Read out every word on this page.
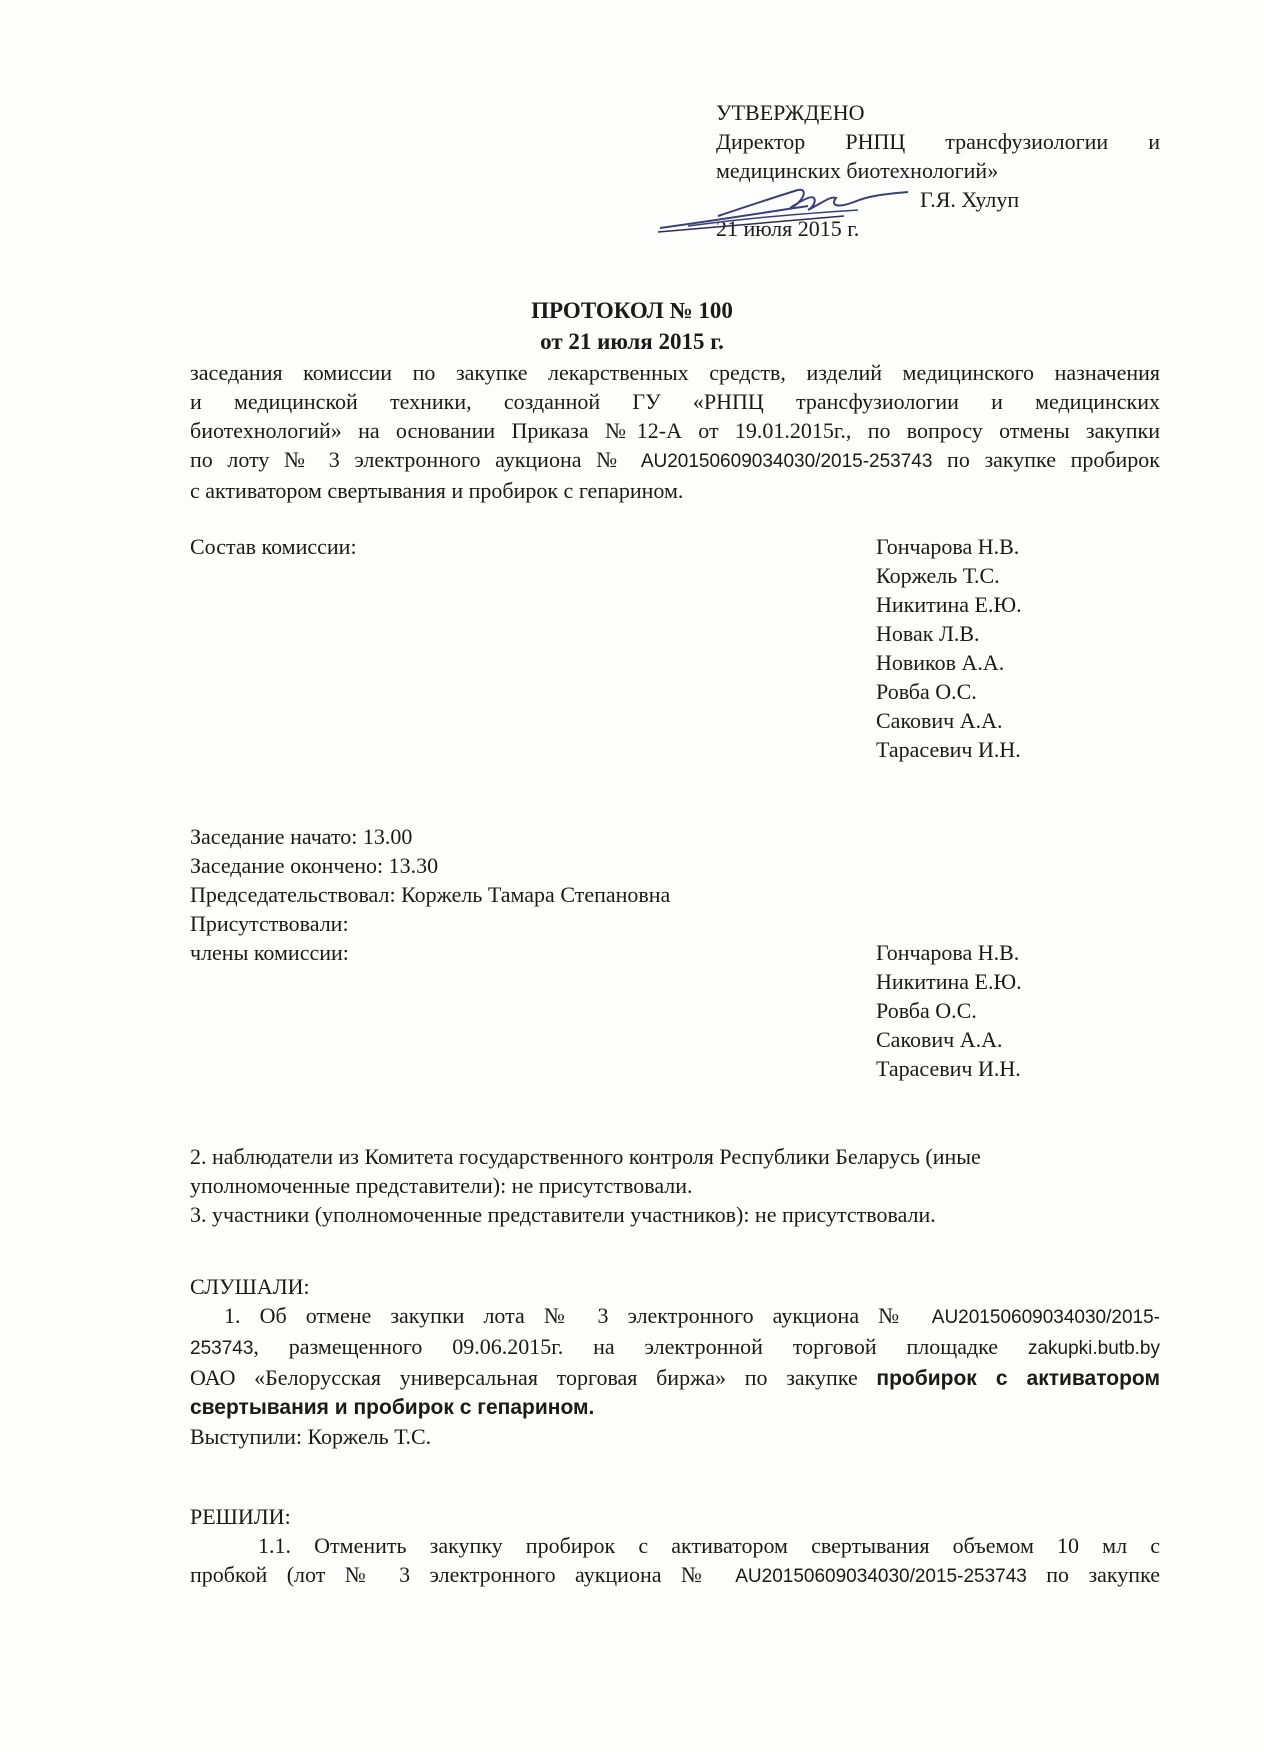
УТВЕРЖДЕНО
Директор РНПЦ трансфузиологии и
медицинских биотехнологий»
Г.Я. Хулуп
21 июля 2015 г.
ПРОТОКОЛ № 100
от 21 июля 2015 г.
заседания комиссии по закупке лекарственных средств, изделий медицинского назначения
и медицинской техники, созданной ГУ «РНПЦ трансфузиологии и медицинских
биотехнологий» на основании Приказа №12-А от 19.01.2015г., по вопросу отмены закупки
по лоту № 3 электронного аукциона № AU20150609034030/2015-253743 по закупке пробирок
с активатором свертывания и пробирок с гепарином.
Состав комиссии:	Гончарова Н.В.
Коржель Т.С.
Никитина Е.Ю.
Новак Л.В.
Новиков А.А.
Ровба О.С.
Сакович А.А.
Тарасевич И.Н.
Заседание начато: 13.00
Заседание окончено: 13.30
Председательствовал: Коржель Тамара Степановна
Присутствовали:
члены комиссии:	Гончарова Н.В.
Никитина Е.Ю.
Ровба О.С.
Сакович А.А.
Тарасевич И.Н.
2. наблюдатели из Комитета государственного контроля Республики Беларусь (иные
уполномоченные представители): не присутствовали.
3. участники (уполномоченные представители участников): не присутствовали.
СЛУШАЛИ:
1. Об отмене закупки лота № 3 электронного аукциона № AU20150609034030/2015-
253743, размещенного 09.06.2015г. на электронной торговой площадке zakupki.butb.by
ОАО «Белорусская универсальная торговая биржа» по закупке пробирок с активатором
свертывания и пробирок с гепарином.
Выступили: Коржель Т.С.
РЕШИЛИ:
1.1. Отменить закупку пробирок с активатором свертывания объемом 10 мл с
пробкой (лот № 3 электронного аукциона № AU20150609034030/2015-253743 по закупке
